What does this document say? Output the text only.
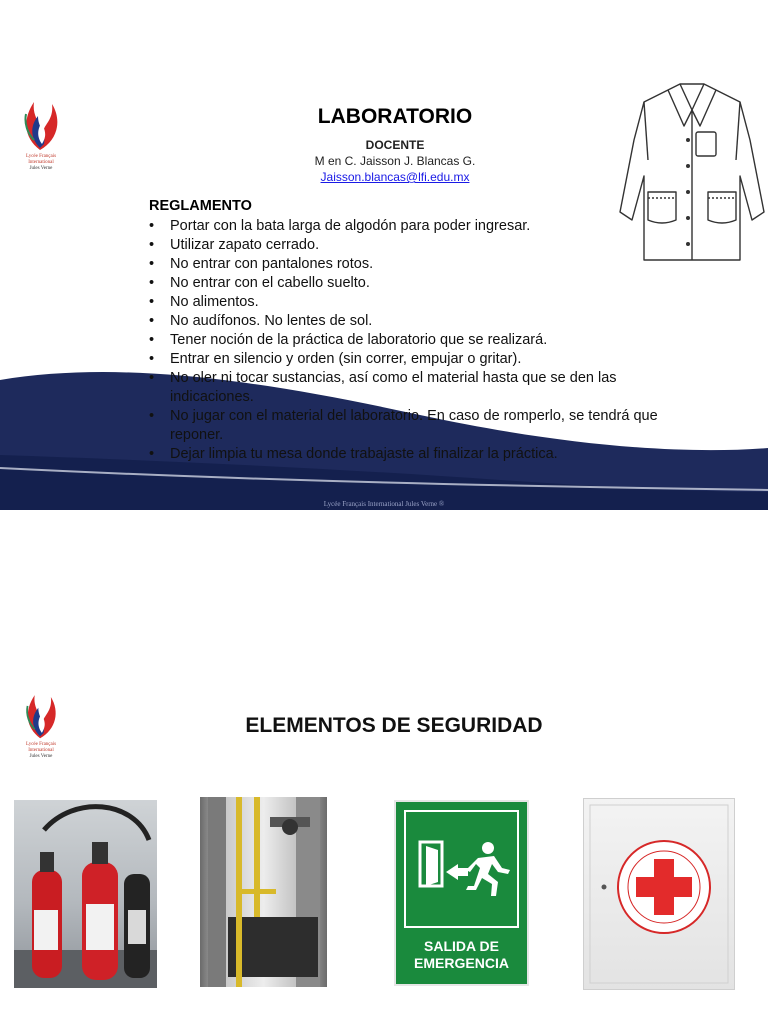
Lycée Français
International
Jules Verne
LABORATORIO
DOCENTE
M en C. Jaisson J. Blancas G.
Jaisson.blancas@lfi.edu.mx
REGLAMENTO
• Portar con la bata larga de algodón para poder ingresar.
• Utilizar zapato cerrado.
• No entrar con pantalones rotos.
• No entrar con el cabello suelto.
• No alimentos.
• No audífonos. No lentes de sol.
• Tener noción de la práctica de laboratorio que se realizará.
• Entrar en silencio y orden (sin correr, empujar o gritar).
• No oler ni tocar sustancias, así como el material hasta que se den las indicaciones.
• No jugar con el material del laboratorio. En caso de romperlo, se tendrá que reponer.
• Dejar limpia tu mesa donde trabajaste al finalizar la práctica.
Lycée Français International Jules Verne ®
Lycée Français
International
Jules Verne
ELEMENTOS DE SEGURIDAD
SALIDA DE
EMERGENCIA
